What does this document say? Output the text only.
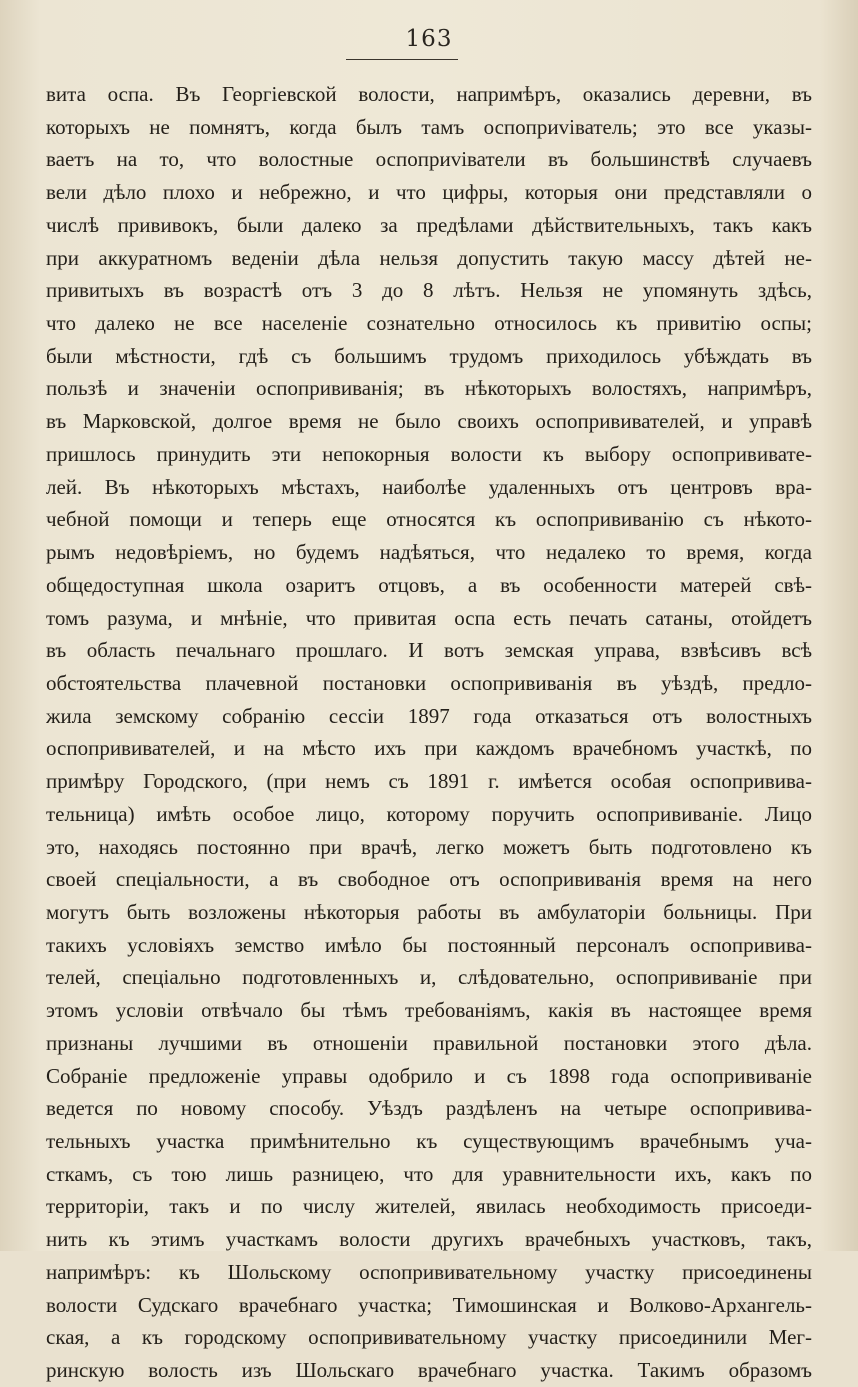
163
вита оспа. Въ Георгіевской волости, напримѣръ, оказались деревни, въ
которыхъ не помнятъ, когда былъ тамъ оспоприviватель; это все указы-
ваетъ на то, что волостные оспоприviватели въ большинствѣ случаевъ
вели дѣло плохо и небрежно, и что цифры, которыя они представляли о
числѣ прививокъ, были далеко за предѣлами дѣйствительныхъ, такъ какъ
при аккуратномъ веденіи дѣла нельзя допустить такую массу дѣтей не-
привитыхъ въ возрастѣ отъ 3 до 8 лѣтъ. Нельзя не упомянуть здѣсь,
что далеко не все населеніе сознательно относилось къ привитію оспы;
были мѣстности, гдѣ съ большимъ трудомъ приходилось убѣждать въ
пользѣ и значеніи оспопрививанія; въ нѣкоторыхъ волостяхъ, напримѣръ,
въ Марковской, долгое время не было своихъ оспопрививателей, и управѣ
пришлось принудить эти непокорныя волости къ выбору оспопрививате-
лей. Въ нѣкоторыхъ мѣстахъ, наиболѣе удаленныхъ отъ центровъ вра-
чебной помощи и теперь еще относятся къ оспопрививанію съ нѣкото-
рымъ недовѣріемъ, но будемъ надѣяться, что недалеко то время, когда
общедоступная школа озаритъ отцовъ, а въ особенности матерей свѣ-
томъ разума, и мнѣніе, что привитая оспа есть печать сатаны, отойдетъ
въ область печальнаго прошлаго. И вотъ земская управа, взвѣсивъ всѣ
обстоятельства плачевной постановки оспопрививанія въ уѣздѣ, предло-
жила земскому собранію сессіи 1897 года отказаться отъ волостныхъ
оспопрививателей, и на мѣсто ихъ при каждомъ врачебномъ участкѣ, по
примѣру Городского, (при немъ съ 1891 г. имѣется особая оспопривива-
тельница) имѣть особое лицо, которому поручить оспопрививаніе. Лицо
это, находясь постоянно при врачѣ, легко можетъ быть подготовлено къ
своей спеціальности, а въ свободное отъ оспопрививанія время на него
могутъ быть возложены нѣкоторыя работы въ амбулаторіи больницы. При
такихъ условіяхъ земство имѣло бы постоянный персоналъ оспопривива-
телей, спеціально подготовленныхъ и, слѣдовательно, оспопрививаніе при
этомъ условіи отвѣчало бы тѣмъ требованіямъ, какія въ настоящее время
признаны лучшими въ отношеніи правильной постановки этого дѣла.
Собраніе предложеніе управы одобрило и съ 1898 года оспопрививаніе
ведется по новому способу. Уѣздъ раздѣленъ на четыре оспопривива-
тельныхъ участка примѣнительно къ существующимъ врачебнымъ уча-
сткамъ, съ тою лишь разницею, что для уравнительности ихъ, какъ по
территоріи, такъ и по числу жителей, явилась необходимость присоеди-
нить къ этимъ участкамъ волости другихъ врачебныхъ участковъ, такъ,
напримѣръ: къ Шольскому оспопрививательному участку присоединены
волости Судскаго врачебнаго участка; Тимошинская и Волково-Архангель-
ская, а къ городскому оспопрививательному участку присоединили Мег-
ринскую волость изъ Шольскаго врачебнаго участка. Такимъ образомъ
